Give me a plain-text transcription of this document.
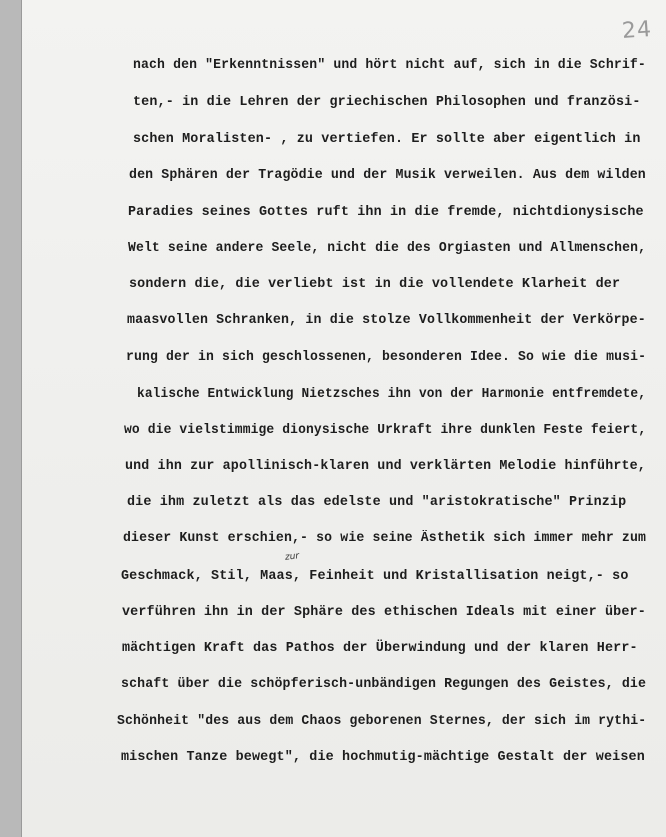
24
nach den "Erkenntnissen" und hört nicht auf, sich in die Schrif-
ten,- in die Lehren der griechischen Philosophen und französi-
schen Moralisten- , zu vertiefen. Er sollte aber eigentlich in
den Sphären der Tragödie und der Musik verweilen. Aus dem wilden
Paradies seines Gottes ruft ihn in die fremde, nichtdionysische
Welt seine andere Seele, nicht die des Orgiasten und Allmenschen,
sondern die, die verliebt ist in die vollendete Klarheit der
maasvollen Schranken, in die stolze Vollkommenheit der Verkörpe-
rung der in sich geschlossenen, besonderen Idee. So wie die musi-
kalische Entwicklung Nietzsches ihn von der Harmonie entfremdete,
wo die vielstimmige dionysische Urkraft ihre dunklen Feste feiert,
und ihn zur apollinisch-klaren und verklärten Melodie hinführte,
die ihm zuletzt als das edelste und "aristokratische" Prinzip
dieser Kunst erschien,- so wie seine Ästhetik sich immer mehr zum
Geschmack, Stil, Maas, Feinheit und Kristallisation neigt,- so
verführen ihn in der Sphäre des ethischen Ideals mit einer über-
mächtigen Kraft das Pathos der Überwindung und der klaren Herr-
schaft über die schöpferisch-unbändigen Regungen des Geistes, die
Schönheit "des aus dem Chaos geborenen Sternes, der sich im rythi-
mischen Tanze bewegt", die hochmutig-mächtige Gestalt der weisen
zur
